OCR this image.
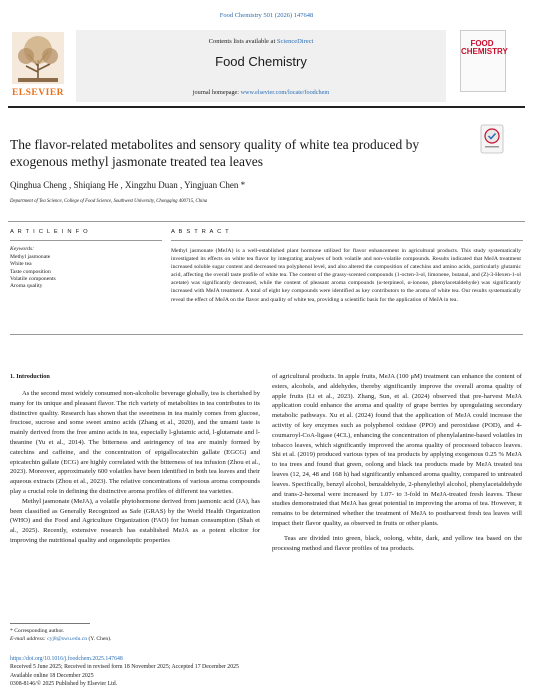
Food Chemistry 501 (2026) 147648
Contents lists available at ScienceDirect
Food Chemistry
journal homepage: www.elsevier.com/locate/foodchem
ELSEVIER
FOOD
CHEMISTRY
The flavor-related metabolites and sensory quality of white tea produced by exogenous methyl jasmonate treated tea leaves
Qinghua Cheng , Shiqiang He , Xingzhu Duan , Yingjuan Chen *
Department of Tea Science, College of Food Science, Southwest University, Chongqing 400715, China
A R T I C L E I N F O	A B S T R A C T
Keywords:
Methyl jasmonate
White tea
Taste composition
Volatile components
Aroma quality
Methyl jasmonate (MeJA) is a well-established plant hormone utilized for flavor enhancement in agricultural products. This study systematically investigated its effects on white tea flavor by integrating analyses of both volatile and non-volatile compounds. Results indicated that MeJA treatment increased soluble sugar content and decreased tea polyphenol level, and also altered the composition of catechins and amino acids, particularly glutamic acid, affecting the overall taste profile of white tea. The content of the grassy-scented compounds (1-octen-3-ol, limonene, butanal, and (Z)-3-Hexen-1-ol acetate) was significantly decreased, while the content of pleasant aroma compounds (α-terpineol, α-ionone, phenylacetaldehyde) was significantly increased with MeJA treatment. A total of eight key compounds were identified as key contributors to the aroma of white tea. Our results systematically reveal the effect of MeJA on the flavor and quality of white tea, providing a scientific basis for the application of MeJA in tea.
1. Introduction

As the second most widely consumed non-alcoholic beverage globally, tea is cherished by many for its unique and pleasant flavor. The rich variety of metabolites in tea contributes to its distinctive quality. Research has shown that the sweetness in tea mainly comes from glucose, fructose, sucrose and some sweet amino acids (Zhang et al., 2020), and the umami taste is mainly derived from the free amino acids in tea, especially l-glutamic acid, l-glutamate and l-theanine (Yu et al., 2014). The bitterness and astringency of tea are mainly formed by catechins and caffeine, and the concentration of epigallocatechin gallate (EGCG) and epicatechin gallate (ECG) are highly correlated with the bitterness of tea infusion (Zhou et al., 2023). Moreover, approximately 600 volatiles have been identified in both tea leaves and their aqueous extracts (Zhou et al., 2023). The relative concentrations of various aroma compounds play a crucial role in defining the distinctive aroma profiles of different tea varieties.

Methyl jasmonate (MeJA), a volatile phytohormone derived from jasmonic acid (JA), has been classified as Generally Recognized as Safe (GRAS) by the World Health Organization (WHO) and the Food and Agriculture Organization (FAO) for human consumption (Shah et al., 2025). Recently, extensive research has established MeJA as a potent elicitor for improving the nutritional quality and organoleptic properties

of agricultural products. In apple fruits, MeJA (100 μM) treatment can enhance the content of esters, alcohols, and aldehydes, thereby significantly improve the overall aroma quality of apple fruits (Li et al., 2023). Zhang, Sun, et al. (2024) observed that pre-harvest MeJA application could enhance the aroma and quality of grape berries by upregulating secondary metabolic pathways. Xu et al. (2024) found that the application of MeJA could increase the activity of key enzymes such as polyphenol oxidase (PPO) and peroxidase (POD), and 4-coumaroyl-CoA-ligase (4CL), enhancing the concentration of phenylalanine-based volatiles in tobacco leaves, which significantly improved the aroma quality of processed tobacco leaves. Shi et al. (2019) produced various types of tea products by applying exogenous 0.25 % MeJA to tea trees and found that green, oolong and black tea products made by MeJA treated tea leaves (12, 24, 48 and 168 h) had significantly enhanced aroma quality, compared to untreated leaves. Specifically, benzyl alcohol, benzaldehyde, 2-phenylethyl alcohol, phenylacetaldehyde and trans-2-hexenal were increased by 1.07- to 3-fold in MeJA-treated fresh leaves. These studies demonstrated that MeJA has great potential in improving the aroma of tea. However, it remains to be determined whether the treatment of MeJA to postharvest fresh tea leaves will impact their flavor quality, as observed in fruits or other plants.

Teas are divided into green, black, oolong, white, dark, and yellow tea based on the processing method and flavor profiles of tea products.

* Corresponding author.
E-mail address: cyj8@swu.edu.cn (Y. Chen).
https://doi.org/10.1016/j.foodchem.2025.147648
Received 5 June 2025; Received in revised form 18 November 2025; Accepted 17 December 2025
Available online 18 December 2025
0308-8146/© 2025 Published by Elsevier Ltd.
